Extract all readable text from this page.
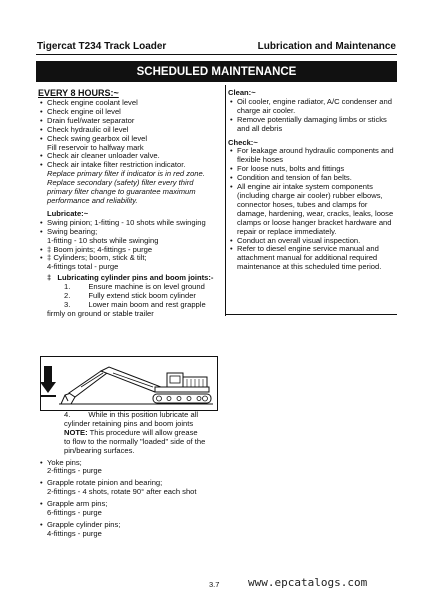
Tigercat T234 Track Loader	Lubrication and Maintenance
SCHEDULED MAINTENANCE
EVERY 8 HOURS:~
• Check engine coolant level
• Check engine oil level
• Drain fuel/water separator
• Check hydraulic oil level
• Check swing gearbox oil level
Fill reservoir to halfway mark
• Check air cleaner unloader valve.
• Check air intake filter restriction indicator.
Replace primary filter if indicator is in red zone.
Replace secondary (safety) filter every third
primary filter change to guarantee maximum
performance and reliability.
Lubricate:~
• Swing pinion; 1-fitting - 10 shots while swinging
• Swing bearing;
1-fitting - 10 shots while swinging
• ‡ Boom joints; 4-fittings - purge
• ‡ Cylinders; boom, stick & tilt;
4-fittings total - purge
‡ Lubricating cylinder pins and boom joints:-
1. Ensure machine is on level ground
2. Fully extend stick boom cylinder
3. Lower main boom and rest grapple
firmly on ground or stable trailer
4. While in this position lubricate all
cylinder retaining pins and boom joints
NOTE: This procedure will allow grease
to flow to the normally "loaded" side of the
pin/bearing surfaces.
• Yoke pins;
2-fittings - purge
• Grapple rotate pinion and bearing;
2-fittings - 4 shots, rotate 90° after each shot
• Grapple arm pins;
6-fittings - purge
• Grapple cylinder pins;
4-fittings - purge
Clean:~
• Oil cooler, engine radiator, A/C condenser and
charge air cooler.
• Remove potentially damaging limbs or sticks
and all debris
Check:~
• For leakage around hydraulic components and
flexible hoses
• For loose nuts, bolts and fittings
• Condition and tension of fan belts.
• All engine air intake system components
(including charge air cooler) rubber elbows,
connector hoses, tubes and clamps for
damage, hardening, wear, cracks, leaks, loose
clamps or loose hanger bracket hardware and
repair or replace immediately.
• Conduct an overall visual inspection.
• Refer to diesel engine service manual and
attachment manual for additional required
maintenance at this scheduled time period.
3.7	www.epcatalogs.com
